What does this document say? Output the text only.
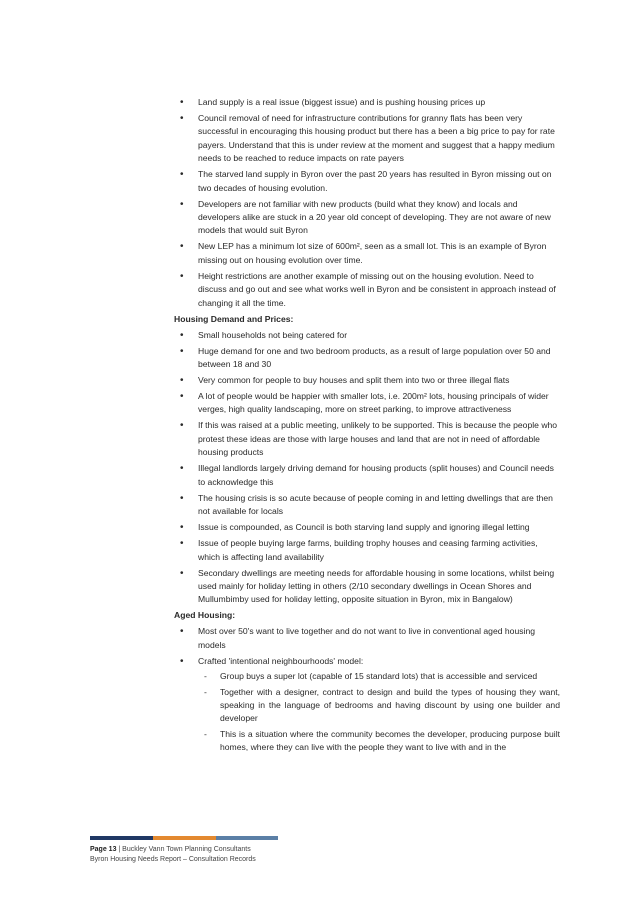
• Land supply is a real issue (biggest issue) and is pushing housing prices up
• Council removal of need for infrastructure contributions for granny flats has been very successful in encouraging this housing product but there has a been a big price to pay for rate payers. Understand that this is under review at the moment and suggest that a happy medium needs to be reached to reduce impacts on rate payers
• The starved land supply in Byron over the past 20 years has resulted in Byron missing out on two decades of housing evolution.
• Developers are not familiar with new products (build what they know) and locals and developers alike are stuck in a 20 year old concept of developing. They are not aware of new models that would suit Byron
• New LEP has a minimum lot size of 600m², seen as a small lot. This is an example of Byron missing out on housing evolution over time.
• Height restrictions are another example of missing out on the housing evolution. Need to discuss and go out and see what works well in Byron and be consistent in approach instead of changing it all the time.
Housing Demand and Prices:
• Small households not being catered for
• Huge demand for one and two bedroom products, as a result of large population over 50 and between 18 and 30
• Very common for people to buy houses and split them into two or three illegal flats
• A lot of people would be happier with smaller lots, i.e. 200m² lots, housing principals of wider verges, high quality landscaping, more on street parking, to improve attractiveness
• If this was raised at a public meeting, unlikely to be supported. This is because the people who protest these ideas are those with large houses and land that are not in need of affordable housing products
• Illegal landlords largely driving demand for housing products (split houses) and Council needs to acknowledge this
• The housing crisis is so acute because of people coming in and letting dwellings that are then not available for locals
• Issue is compounded, as Council is both starving land supply and ignoring illegal letting
• Issue of people buying large farms, building trophy houses and ceasing farming activities, which is affecting land availability
• Secondary dwellings are meeting needs for affordable housing in some locations, whilst being used mainly for holiday letting in others (2/10 secondary dwellings in Ocean Shores and Mullumbimby used for holiday letting, opposite situation in Byron, mix in Bangalow)
Aged Housing:
• Most over 50's want to live together and do not want to live in conventional aged housing models
• Crafted 'intentional neighbourhoods' model:
- Group buys a super lot (capable of 15 standard lots) that is accessible and serviced
- Together with a designer, contract to design and build the types of housing they want, speaking in the language of bedrooms and having discount by using one builder and developer
- This is a situation where the community becomes the developer, producing purpose built homes, where they can live with the people they want to live with and in the
Page 13 | Buckley Vann Town Planning Consultants
Byron Housing Needs Report – Consultation Records
